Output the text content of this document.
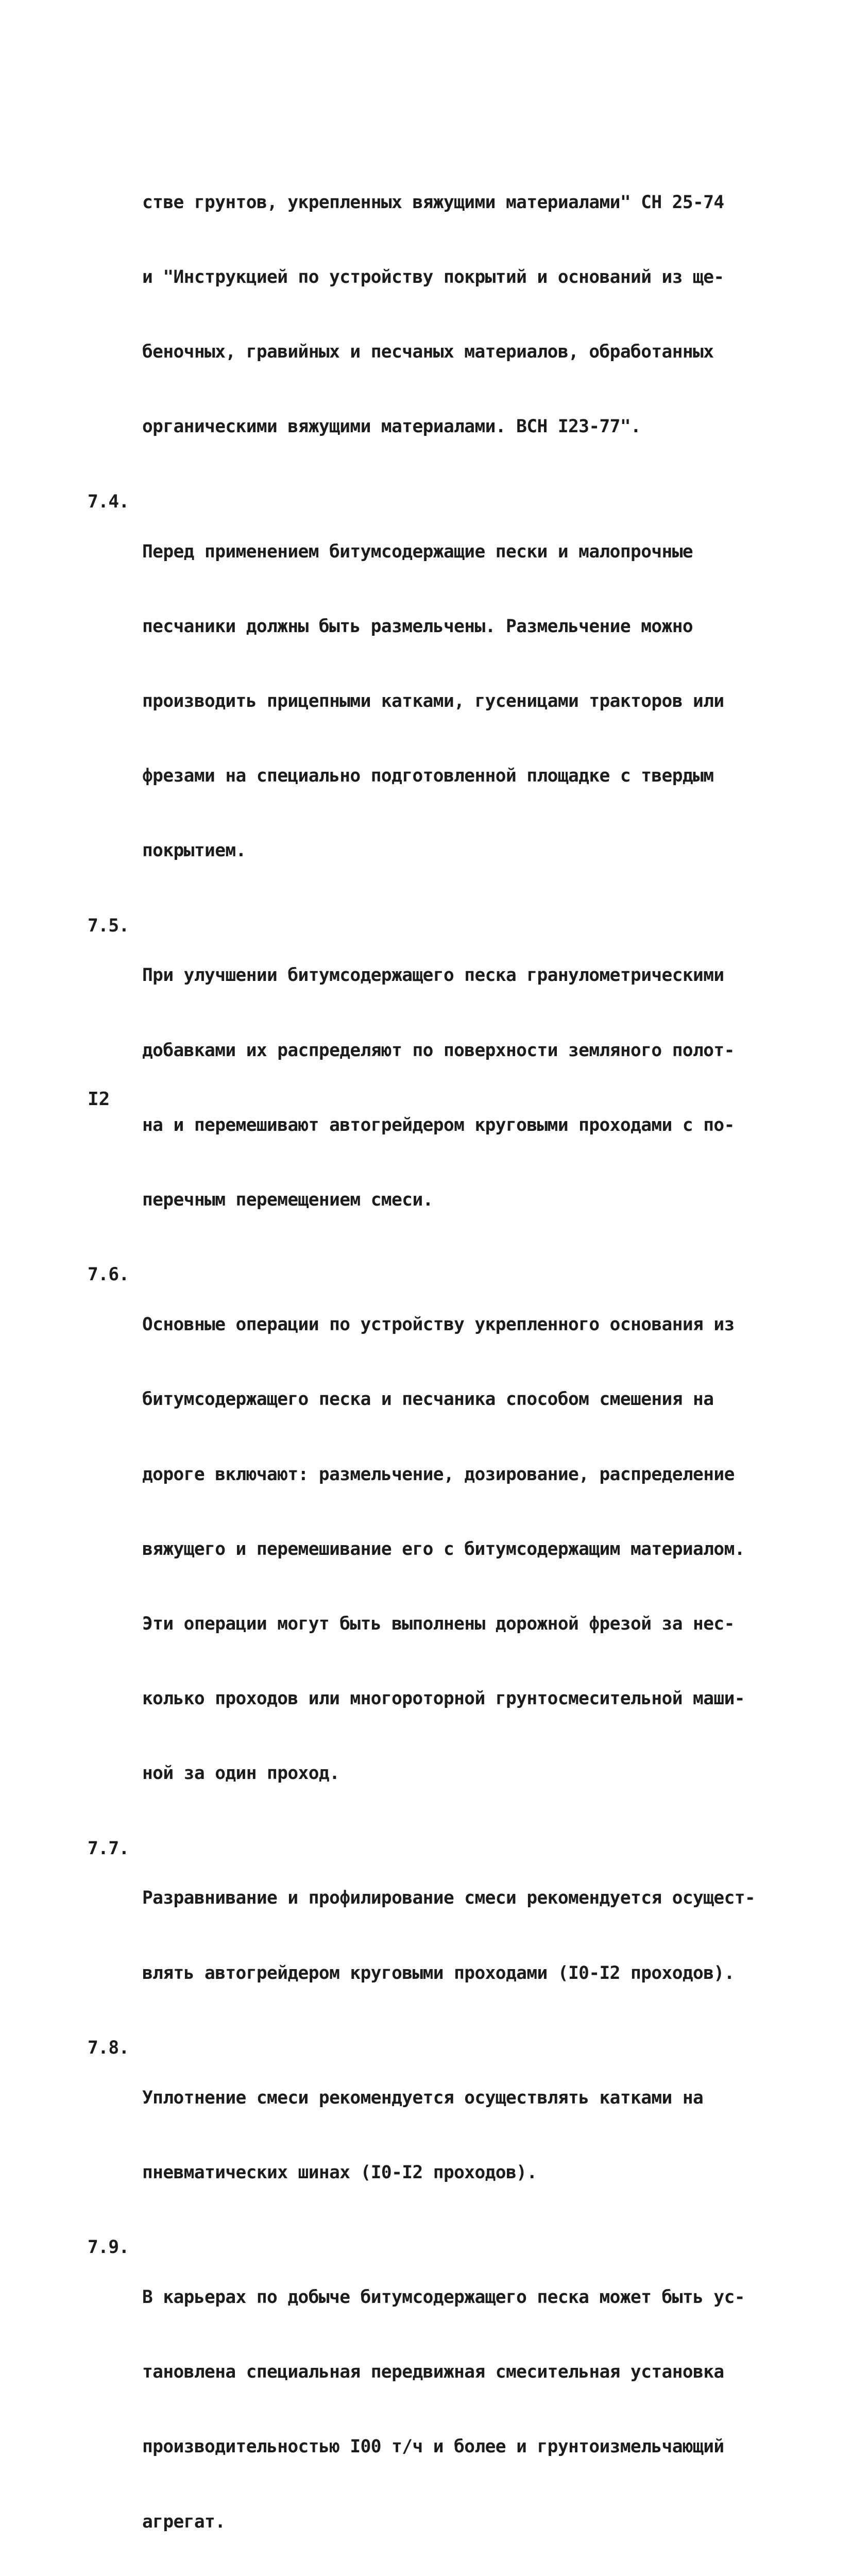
стве грунтов, укрепленных вяжущими материалами" СН 25-74

и "Инструкцией по устройству покрытий и оснований из ще-

беночных, гравийных и песчаных материалов, обработанных

органическими вяжущими материалами. ВСН I23-77".

7.4.

Перед применением битумсодержащие пески и малопрочные

песчаники должны быть размельчены. Размельчение можно

производить прицепными катками, гусеницами тракторов или

фрезами на специально подготовленной площадке с твердым

покрытием.

7.5.

При улучшении битумсодержащего песка гранулометрическими

добавками их распределяют по поверхности земляного полот-

на и перемешивают автогрейдером круговыми проходами с по-

перечным перемещением смеси.

7.6.

Основные операции по устройству укрепленного основания из

битумсодержащего песка и песчаника способом смешения на

дороге включают: размельчение, дозирование, распределение

вяжущего и перемешивание его с битумсодержащим материалом.

Эти операции могут быть выполнены дорожной фрезой за нес-

колько проходов или многороторной грунтосмесительной маши-

ной за один проход.

7.7.

Разравнивание и профилирование смеси рекомендуется осущест-

влять автогрейдером круговыми проходами (I0-I2 проходов).

7.8.

Уплотнение смеси рекомендуется осуществлять катками на

пневматических шинах (I0-I2 проходов).

7.9.

В карьерах по добыче битумсодержащего песка может быть ус-

тановлена специальная передвижная смесительная установка

производительностью I00 т/ч и более и грунтоизмельчающий

агрегат.

I2
